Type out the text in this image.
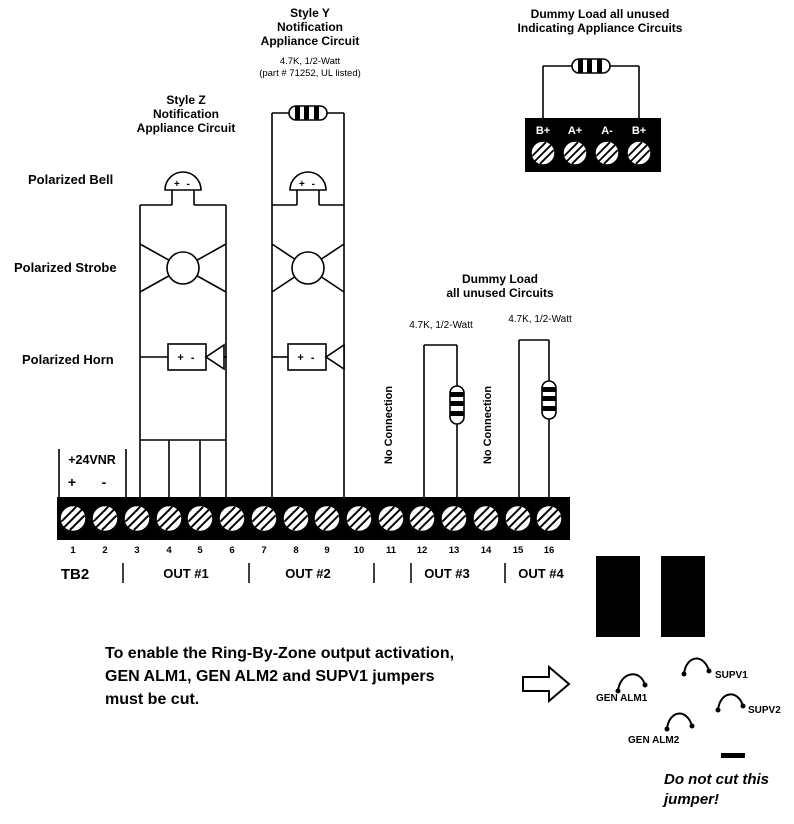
Style Z
Notification
Appliance Circuit
Style Y
Notification
Appliance Circuit
4.7K, 1/2-Watt
(part # 71252, UL listed)
Dummy Load all unused
Indicating Appliance Circuits
Dummy Load
all unused Circuits
Polarized Bell
Polarized Strobe
Polarized Horn
+ -
+ -
+ -
+ -
4.7K, 1/2-Watt
4.7K, 1/2-Watt
No Connection	No Connection
+24VNR
+ -
1	2	3	4	5	6	7	8	9	10 11 12 13 14 15 16
TB2	OUT #1	OUT #2	OUT #3	OUT #4
B+ A+ A- B+
To enable the Ring-By-Zone output activation,
GEN ALM1, GEN ALM2 and SUPV1 jumpers
must be cut.	GEN ALM1
SUPV1
SUPV2
GEN ALM2
Do not cut this
jumper!
